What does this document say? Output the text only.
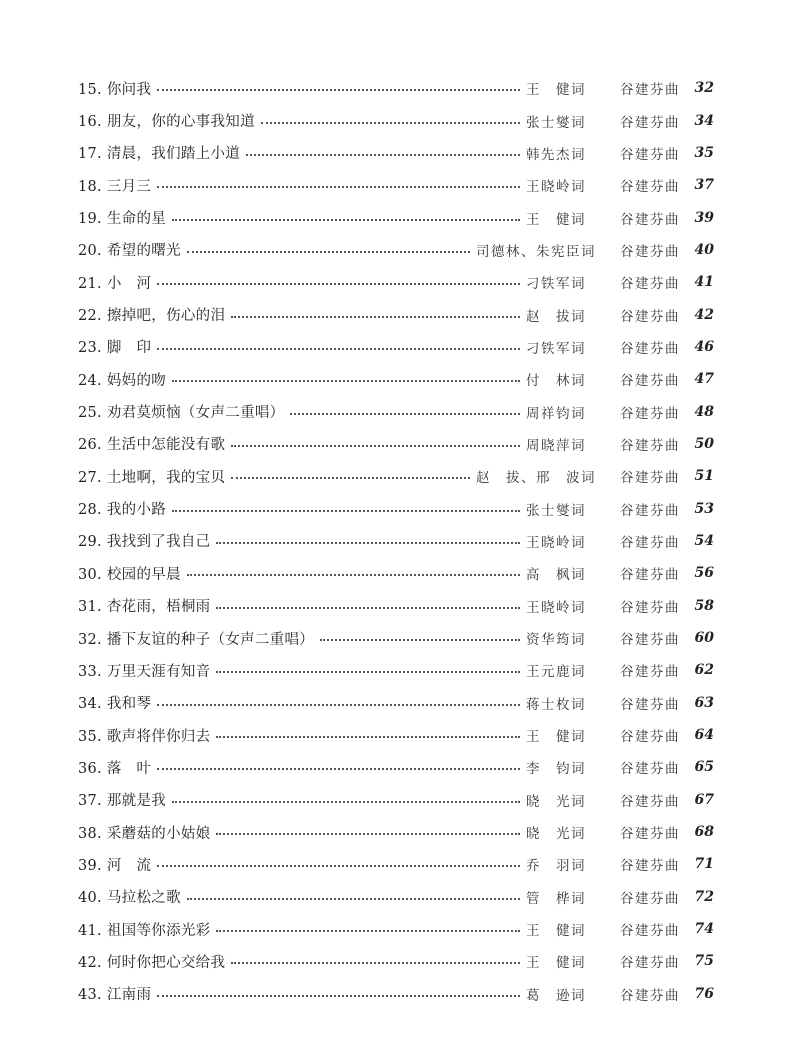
15. 你问我	王　健词	谷建芬曲	32
16. 朋友，你的心事我知道	张士燮词	谷建芬曲	34
17. 清晨，我们踏上小道	韩先杰词	谷建芬曲	35
18. 三月三	王晓岭词	谷建芬曲	37
19. 生命的星	王　健词	谷建芬曲	39
20. 希望的曙光	司德林、朱宪臣词 谷建芬曲	40
21. 小　河	刁铁军词	谷建芬曲	41
22. 擦掉吧，伤心的泪	赵　拔词	谷建芬曲	42
23. 脚　印	刁铁军词	谷建芬曲	46
24. 妈妈的吻	付　林词	谷建芬曲	47
25. 劝君莫烦恼（女声二重唱）	周祥钧词	谷建芬曲	48
26. 生活中怎能没有歌	周晓萍词	谷建芬曲	50
27. 土地啊，我的宝贝	赵　拔、邢　波词 谷建芬曲	51
28. 我的小路	张士燮词	谷建芬曲	53
29. 我找到了我自己	王晓岭词	谷建芬曲	54
30. 校园的早晨	高　枫词	谷建芬曲	56
31. 杏花雨，梧桐雨	王晓岭词	谷建芬曲	58
32. 播下友谊的种子（女声二重唱）	资华筠词	谷建芬曲	60
33. 万里天涯有知音	王元鹿词	谷建芬曲	62
34. 我和琴	蒋士枚词	谷建芬曲	63
35. 歌声将伴你归去	王　健词	谷建芬曲	64
36. 落　叶	李　钧词	谷建芬曲	65
37. 那就是我	晓　光词	谷建芬曲	67
38. 采蘑菇的小姑娘	晓　光词	谷建芬曲	68
39. 河　流	乔　羽词	谷建芬曲	71
40. 马拉松之歌	管　桦词	谷建芬曲	72
41. 祖国等你添光彩	王　健词	谷建芬曲	74
42. 何时你把心交给我	王　健词	谷建芬曲	75
43. 江南雨	葛　逊词	谷建芬曲	76
